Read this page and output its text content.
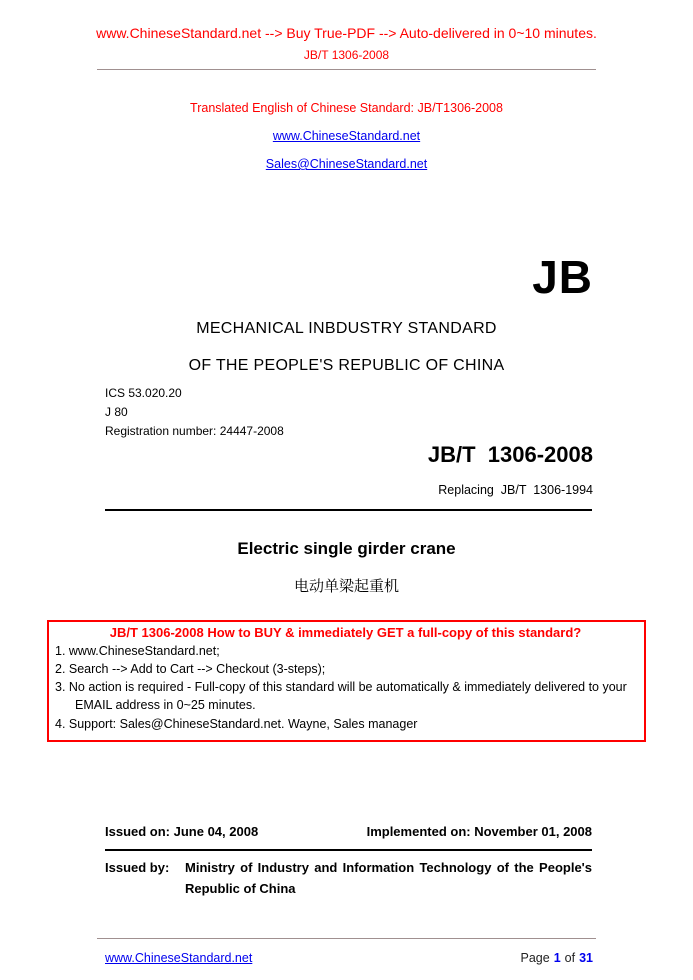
www.ChineseStandard.net --> Buy True-PDF --> Auto-delivered in 0~10 minutes.
JB/T 1306-2008
Translated English of Chinese Standard: JB/T1306-2008
www.ChineseStandard.net
Sales@ChineseStandard.net
JB
MECHANICAL INBDUSTRY STANDARD
OF THE PEOPLE'S REPUBLIC OF CHINA
ICS 53.020.20
J 80
Registration number: 24447-2008
JB/T  1306-2008
Replacing  JB/T  1306-1994
Electric single girder crane
电动单梁起重机
JB/T 1306-2008 How to BUY & immediately GET a full-copy of this standard?
1. www.ChineseStandard.net;
2. Search --> Add to Cart --> Checkout (3-steps);
3. No action is required - Full-copy of this standard will be automatically & immediately delivered to your EMAIL address in 0~25 minutes.
4. Support: Sales@ChineseStandard.net. Wayne, Sales manager
Issued on: June 04, 2008	Implemented on: November 01, 2008
Issued by:	Ministry of Industry and Information Technology of the People's Republic of China
www.ChineseStandard.net	Page 1 of 31
